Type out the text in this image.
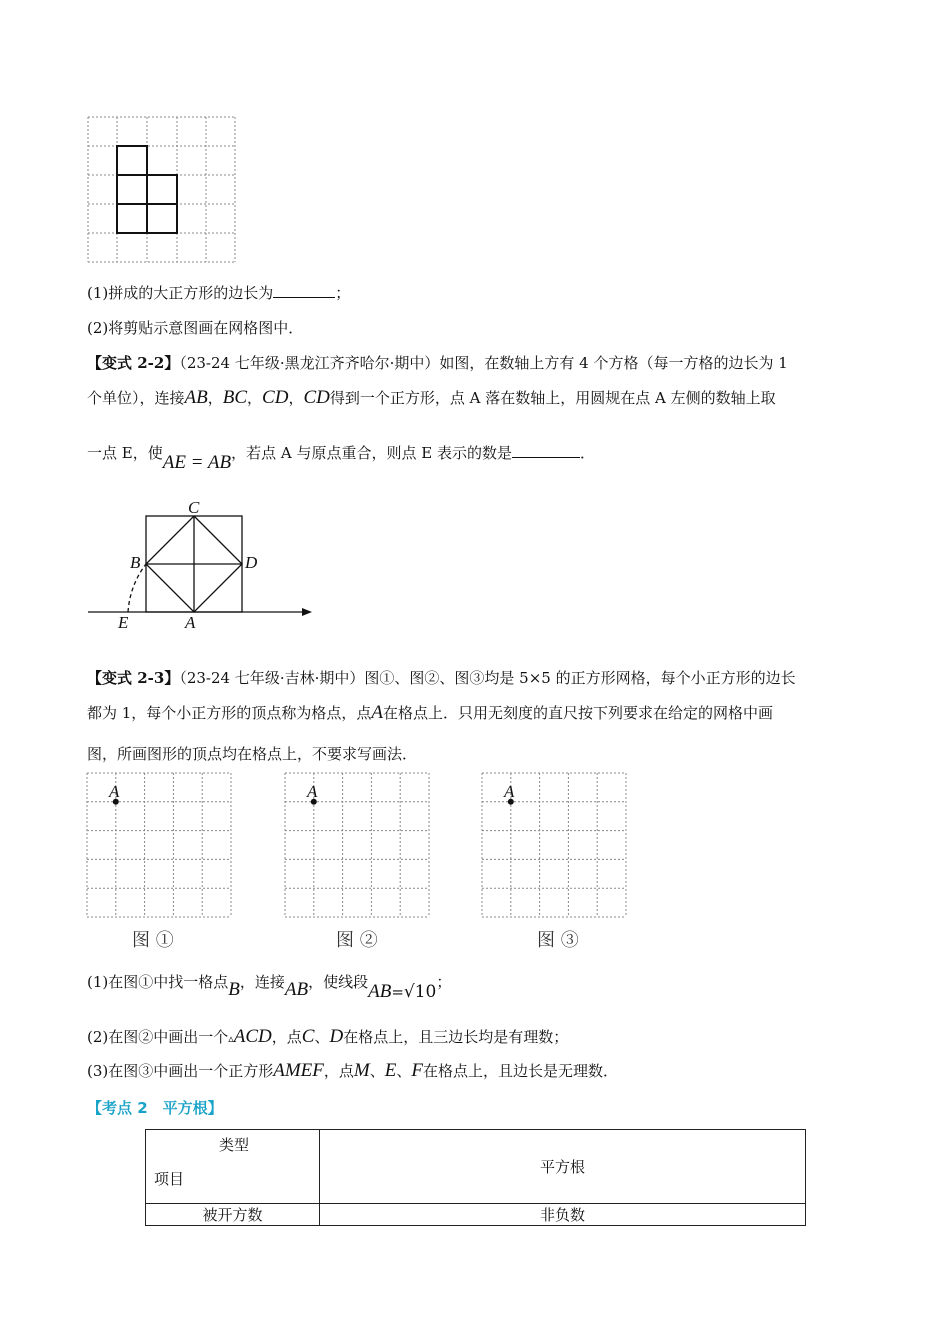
(1)拼成的大正方形的边长为	；
(2)将剪贴示意图画在网格图中．
【变式 2-2】（23-24 七年级·黑龙江齐齐哈尔·期中）如图，在数轴上方有 4 个方格（每一方格的边长为 1
个单位），连接AB，BC，CD，CD得到一个正方形，点 A 落在数轴上，用圆规在点 A 左侧的数轴上取
一点 E，使AE = AB，若点 A 与原点重合，则点 E 表示的数是	．
C
B	D
E	A
【变式 2-3】（23-24 七年级·吉林·期中）图①、图②、图③均是 5×5 的正方形网格，每个小正方形的边长
都为 1，每个小正方形的顶点称为格点，点A在格点上．只用无刻度的直尺按下列要求在给定的网格中画
图，所画图形的顶点均在格点上，不要求写画法．
A	A	A
图 ①	图 ②	图 ③
(1)在图①中找一格点B，连接AB，使线段AB=√10；
(2)在图②中画出一个▵ACD，点C、D在格点上，且三边长均是有理数；
(3)在图③中画出一个正方形AMEF，点M、E、F在格点上，且边长是无理数．
【考点 2　平方根】
类型
项目	平方根
被开方数	非负数
